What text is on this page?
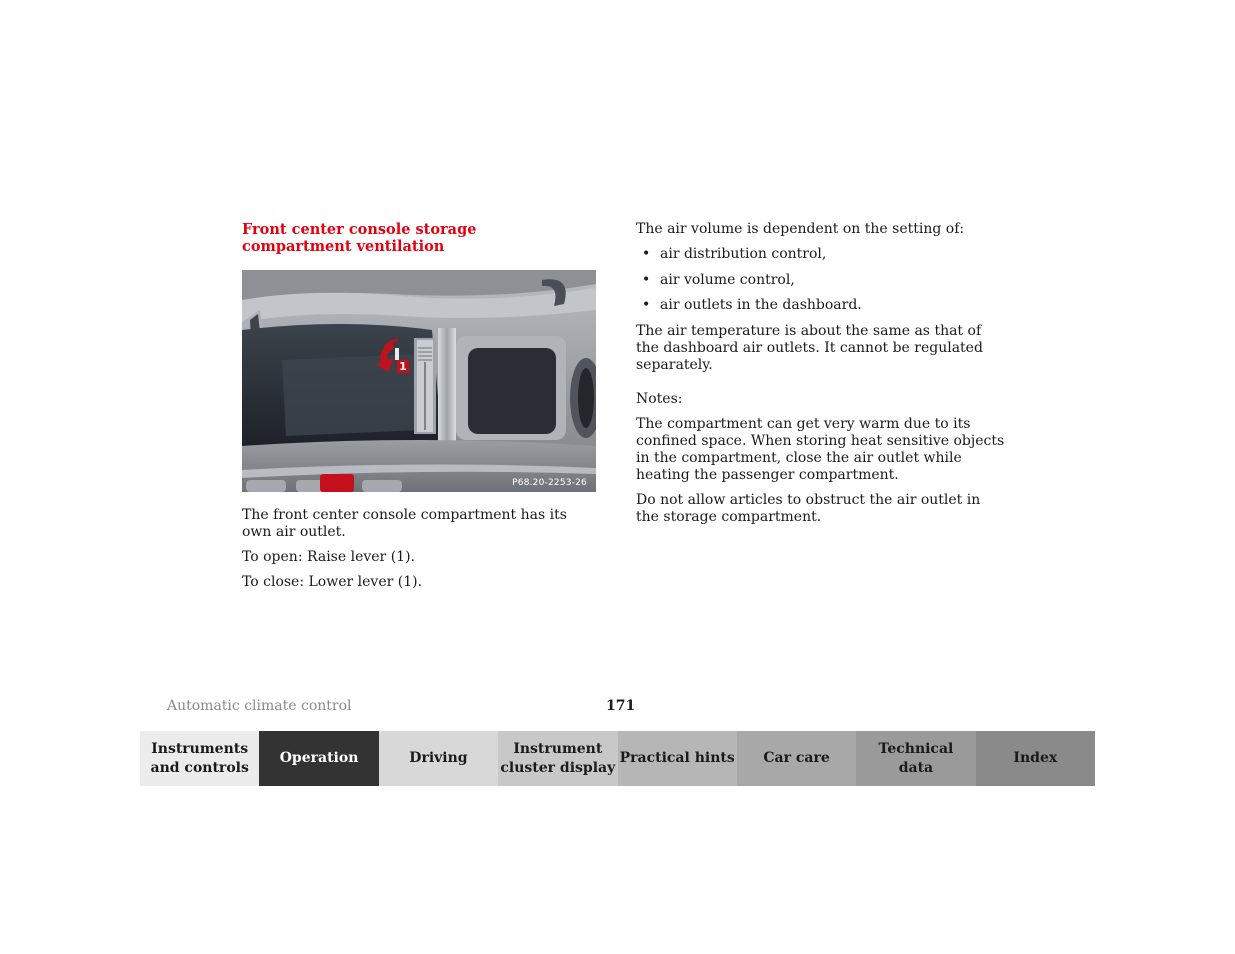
Front center console storage compartment ventilation
1
P68.20-2253-26

The front center console compartment has its own air outlet.

To open: Raise lever (1).

To close: Lower lever (1).

The air volume is dependent on the setting of:

• air distribution control,
• air volume control,
• air outlets in the dashboard.

The air temperature is about the same as that of the dashboard air outlets. It cannot be regulated separately.

Notes:

The compartment can get very warm due to its confined space. When storing heat sensitive objects in the compartment, close the air outlet while heating the passenger compartment.

Do not allow articles to obstruct the air outlet in the storage compartment.

Automatic climate control	171
Instruments
and controls
Operation	Driving
Instrument
cluster display
Practical hints	Car care
Technical
data
Index
